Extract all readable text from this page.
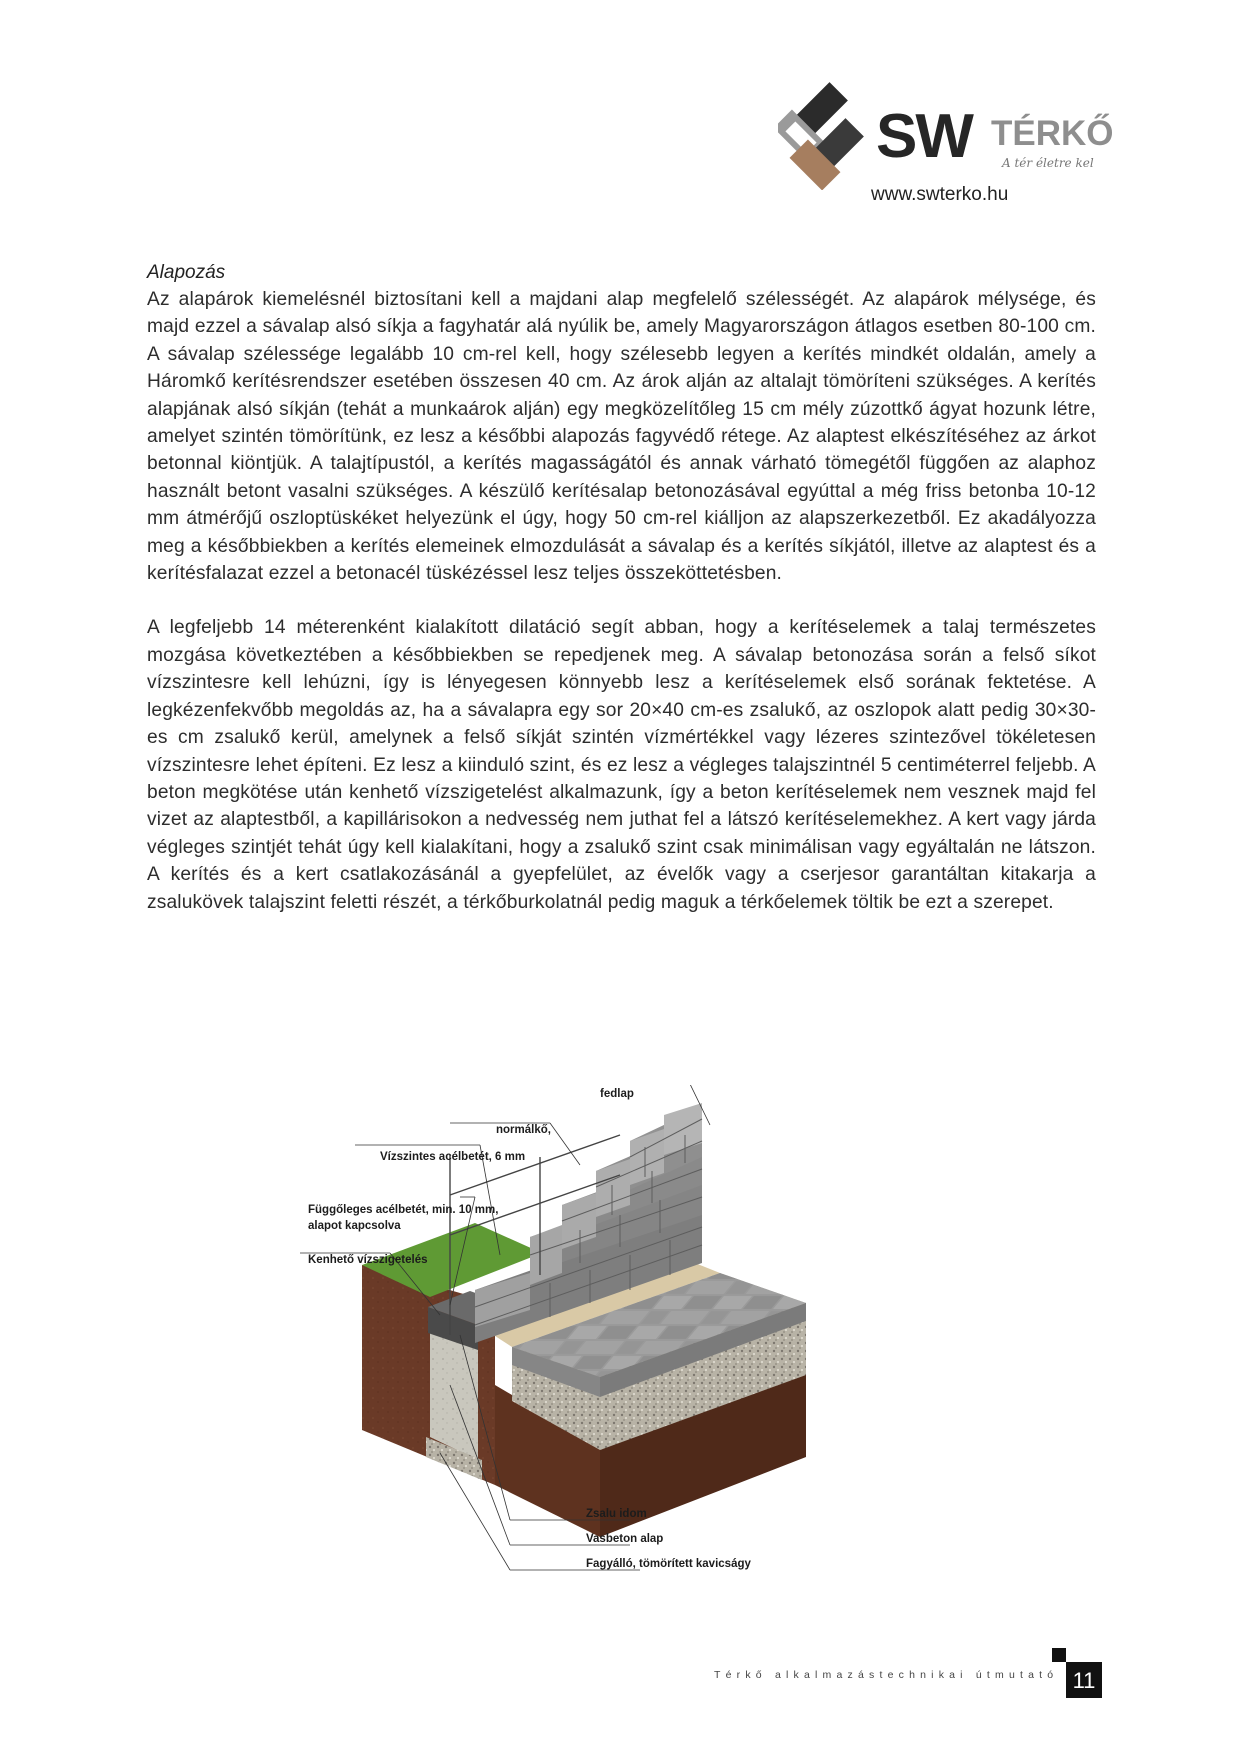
SW TÉRKŐ
A tér életre kel
www.swterko.hu

Alapozás

Az alapárok kiemelésnél biztosítani kell a majdani alap megfelelő szélességét. Az alapárok mélysége, és majd ezzel a sávalap alsó síkja a fagyhatár alá nyúlik be, amely Magyarországon átlagos esetben 80-100 cm. A sávalap szélessége legalább 10 cm-rel kell, hogy szélesebb legyen a kerítés mindkét oldalán, amely a Háromkő kerítésrendszer esetében összesen 40 cm. Az árok alján az altalajt tömöríteni szükséges. A kerítés alapjának alsó síkján (tehát a munkaárok alján) egy megközelítőleg 15 cm mély zúzottkő ágyat hozunk létre, amelyet szintén tömörítünk, ez lesz a későbbi alapozás fagyvédő rétege. Az alaptest elkészítéséhez az árkot betonnal kiöntjük. A talajtípustól, a kerítés magasságától és annak várható tömegétől függően az alaphoz használt betont vasalni szükséges. A készülő kerítésalap betonozásával egyúttal a még friss betonba 10-12 mm átmérőjű oszloptüskéket helyezünk el úgy, hogy 50 cm-rel kiálljon az alapszerkezetből. Ez akadályozza meg a későbbiekben a kerítés elemeinek elmozdulását a sávalap és a kerítés síkjától, illetve az alaptest és a kerítésfalazat ezzel a betonacél tüskézéssel lesz teljes összeköttetésben.

A legfeljebb 14 méterenként kialakított dilatáció segít abban, hogy a kerítéselemek a talaj természetes mozgása következtében a későbbiekben se repedjenek meg. A sávalap betonozása során a felső síkot vízszintesre kell lehúzni, így is lényegesen könnyebb lesz a kerítéselemek első sorának fektetése. A legkézenfekvőbb megoldás az, ha a sávalapra egy sor 20×40 cm-es zsalukő, az oszlopok alatt pedig 30×30-es cm zsalukő kerül, amelynek a felső síkját szintén vízmértékkel vagy lézeres szintezővel tökéletesen vízszintesre lehet építeni. Ez lesz a kiinduló szint, és ez lesz a végleges talajszintnél 5 centiméterrel feljebb. A beton megkötése után kenhető vízszigetelést alkalmazunk, így a beton kerítéselemek nem vesznek majd fel vizet az alaptestből, a kapillárisokon a nedvesség nem juthat fel a látszó kerítéselemekhez. A kert vagy járda végleges szintjét tehát úgy kell kialakítani, hogy a zsalukő szint csak minimálisan vagy egyáltalán ne látszon. A kerítés és a kert csatlakozásánál a gyepfelület, az évelők vagy a cserjesor garantáltan kitakarja a zsalukövek talajszint feletti részét, a térkőburkolatnál pedig maguk a térkőelemek töltik be ezt a szerepet.

fedlap
normálkő,
Vízszintes acélbetét, 6 mm
Függőleges acélbetét, min. 10 mm,
alapot kapcsolva
Kenhető vízszigetelés
Zsalu idom
Vasbeton alap
Fagyálló, tömörített kavicságy
Térkő alkalmazástechnikai útmutató 11
